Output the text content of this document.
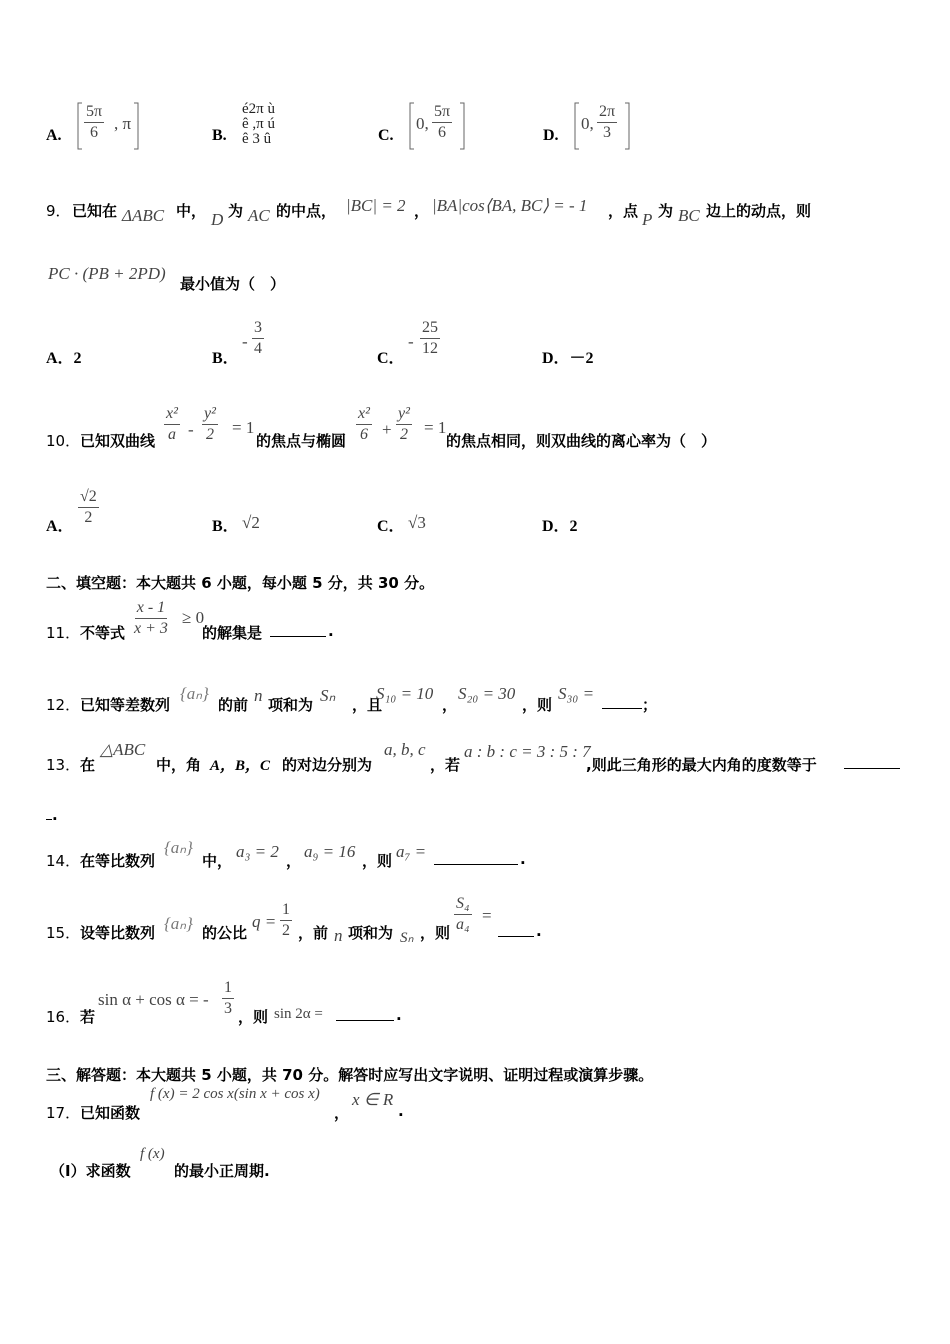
A. $\frac{5\pi}{6}$ , π
B.
é2π ù
ê ,π ú
ê 3 û	C.
0, $\frac{5\pi}{6}$	D.
0, $\frac{2\pi}{3}$
9． 已知在 ΔABC 中， D 为 AC 的中点， |BC| = 2 ， |BA|cos⟨BA, BC⟩ = - 1 ，点 P 为 BC 边上的动点，则
PC · (PB + 2PD)
最小值为（　）
A．2	B．
- $\frac{3}{4}$	C．
- $\frac{25}{12}$	D．－2
10． 已知双曲线 $\frac{\text{x²}}{a} - \frac{\text{y²}}{2} = 1$
的焦点与椭圆 $\frac{\text{x²}}{6} + \frac{\text{y²}}{2} = 1$
的焦点相同，则双曲线的离心率为（　）
A． $\frac{√2}{2}$	B． √2	C． √3	D．2
二、填空题：本大题共 6 小题，每小题 5 分，共 30 分。
11． 不等式 $\frac{x - 1}{x + 3} \ge 0$
的解集是	.
12． 已知等差数列
{aₙ}
的前 n 项和为 Sₙ ，且
S₁₀ = 10
，
S₂₀ = 30
，则
S₃₀ =
；
13． 在
△ABC
中，角 A，B，C 的对边分别为
a, b, c
，若
a : b : c = 3 : 5 : 7
,则此三角形的最大内角的度数等于
.
14． 在等比数列
{aₙ}
中， a₃ = 2 ， a₉ = 16 ，则 a₇ =	.
15． 设等比数列 {aₙ} 的公比
$q = \frac{1}{2}$ ，前 n 项和为 Sₙ ，则 $\frac{\text{S₄}}{\text{a₄}}$ =
.
16． 若
sin α + cos α = - $\frac{1}{3}$ ，则 sin 2α =	.
三、解答题：本大题共 5 小题，共 70 分。解答时应写出文字说明、证明过程或演算步骤。
17． 已知函数
f (x) = 2 cos x(sin x + cos x)
，
x ∈ R
.
（I）求函数
f (x)
的最小正周期.
